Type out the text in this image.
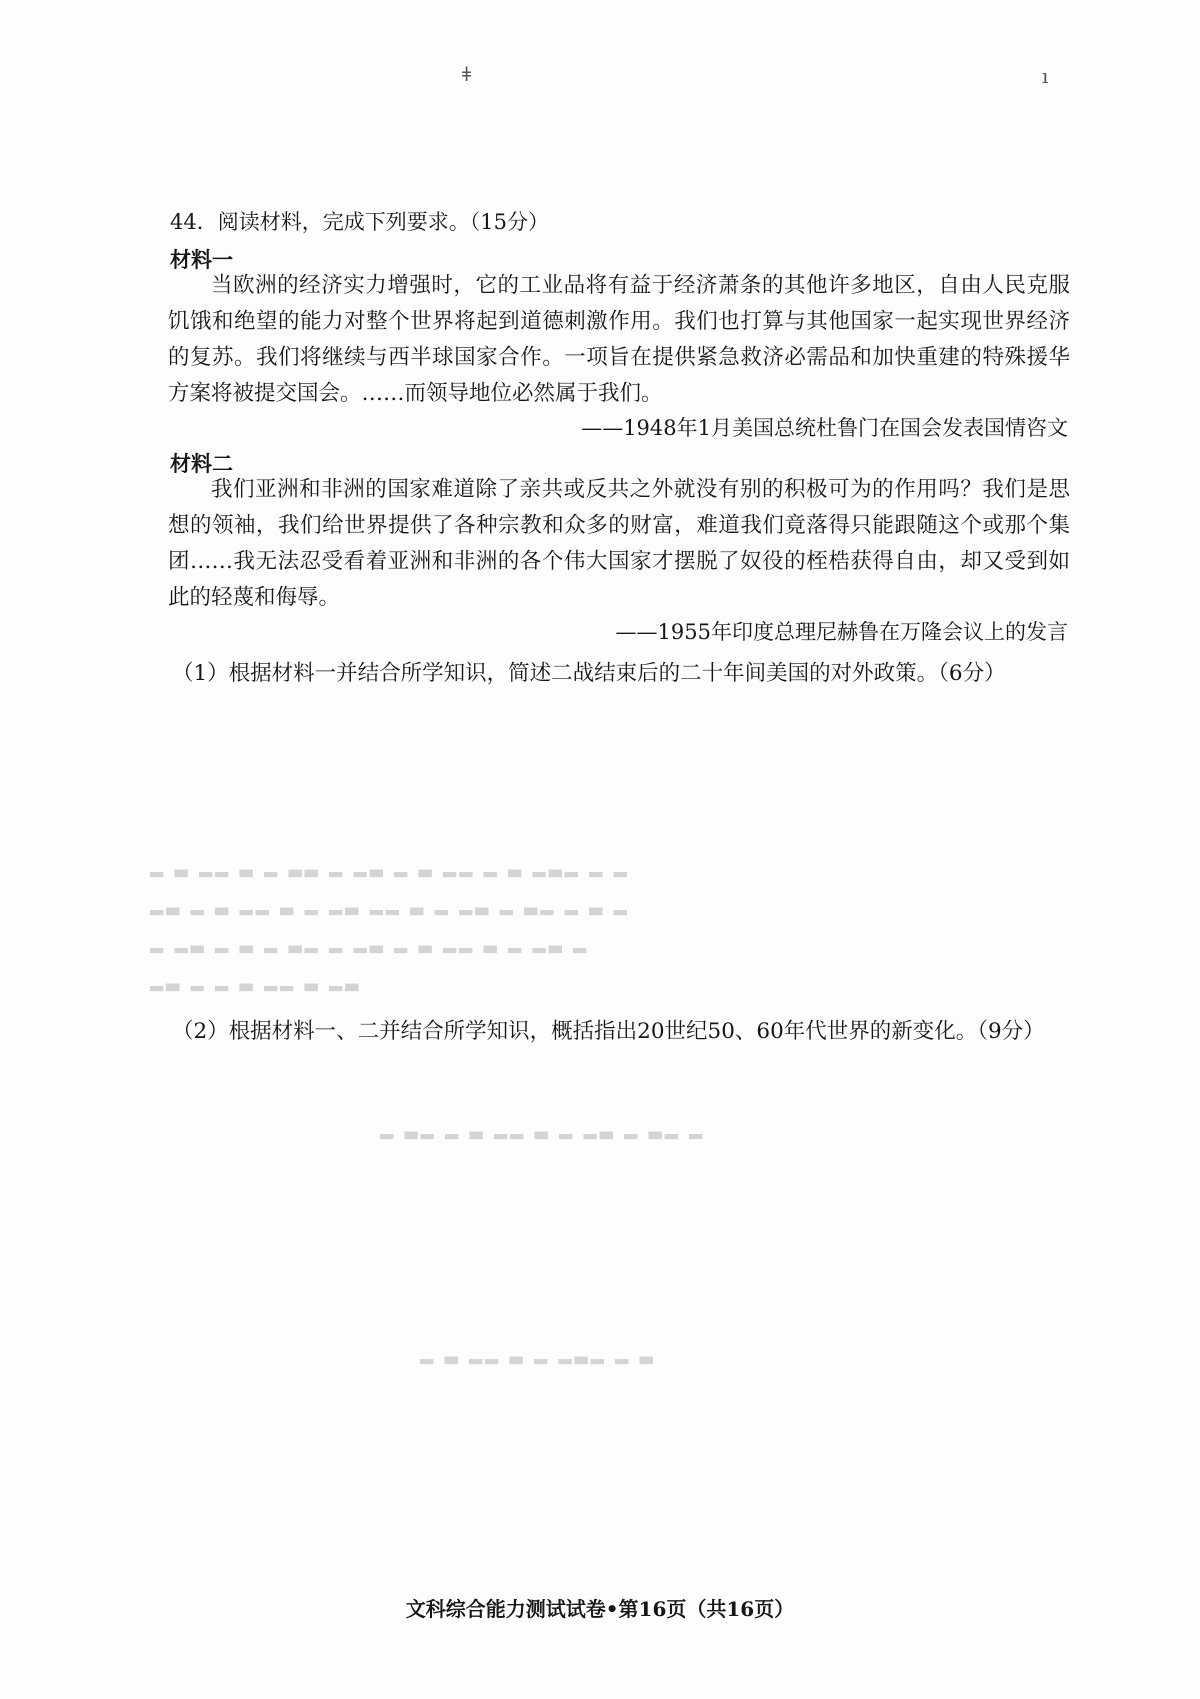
ǂ	ı
44．阅读材料，完成下列要求。（15分）
材料一

当欧洲的经济实力增强时，它的工业品将有益于经济萧条的其他许多地区，自由人民克服饥饿和绝望的能力对整个世界将起到道德刺激作用。我们也打算与其他国家一起实现世界经济的复苏。我们将继续与西半球国家合作。一项旨在提供紧急救济必需品和加快重建的特殊援华方案将被提交国会。……而领导地位必然属于我们。

——1948年1月美国总统杜鲁门在国会发表国情咨文
材料二

我们亚洲和非洲的国家难道除了亲共或反共之外就没有别的积极可为的作用吗？我们是思想的领袖，我们给世界提供了各种宗教和众多的财富，难道我们竟落得只能跟随这个或那个集团……我无法忍受看着亚洲和非洲的各个伟大国家才摆脱了奴役的桎梏获得自由，却又受到如此的轻蔑和侮辱。

——1955年印度总理尼赫鲁在万隆会议上的发言
（1）根据材料一并结合所学知识，简述二战结束后的二十年间美国的对外政策。（6分）
▂ ▃ ▂▂ ▃ ▂ ▃▃ ▂ ▂▃ ▂ ▃ ▂▂ ▂ ▃ ▂▃▂ ▂ ▂
▂▃ ▂ ▃ ▂▂ ▃ ▂ ▂▃ ▂▂ ▃ ▂ ▂▃ ▂ ▃▂ ▂ ▃ ▂
▂ ▂▃ ▂ ▃ ▂ ▃▂ ▂ ▂▃ ▂ ▃ ▂▂ ▃ ▂ ▂▃ ▂
▂▃ ▂ ▂ ▃ ▂▂ ▃ ▂▃
（2）根据材料一、二并结合所学知识，概括指出20世纪50、60年代世界的新变化。（9分）
▂ ▃▂ ▂ ▃ ▂▂ ▃ ▂ ▂▃ ▂ ▃▂ ▂
▂ ▃ ▂▂ ▃ ▂ ▂▃▂ ▂ ▃
文科综合能力测试试卷•第16页（共16页）
